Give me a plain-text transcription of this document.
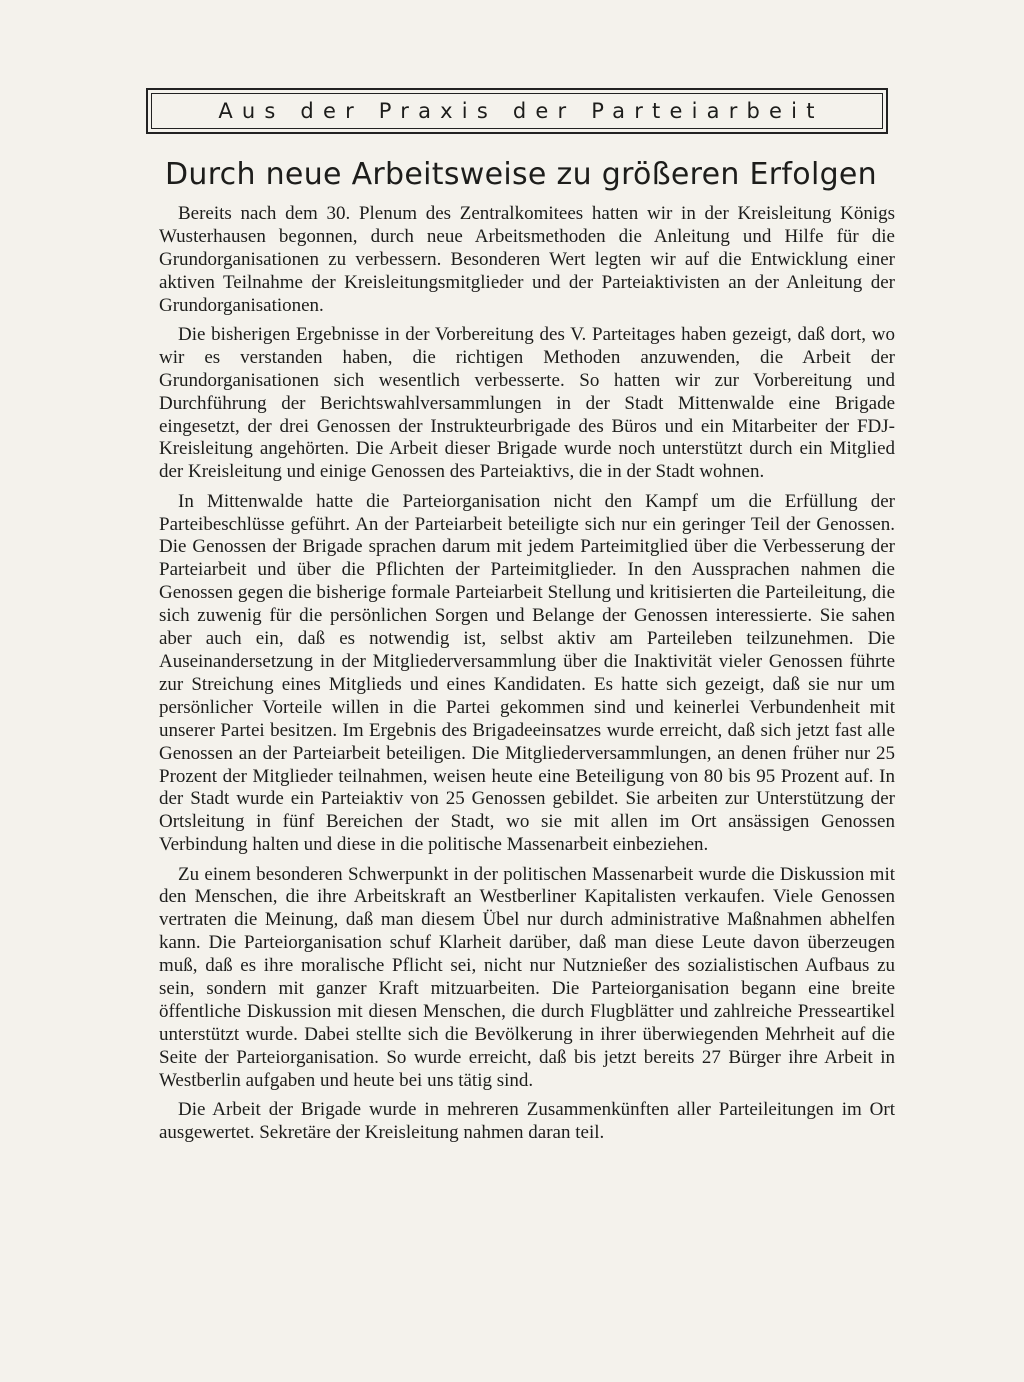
Aus der Praxis der Parteiarbeit
Durch neue Arbeitsweise zu größeren Erfolgen

Bereits nach dem 30. Plenum des Zentralkomitees hatten wir in der Kreisleitung Königs Wusterhausen begonnen, durch neue Arbeitsmethoden die Anleitung und Hilfe für die Grundorganisationen zu verbessern. Besonderen Wert legten wir auf die Entwicklung einer aktiven Teilnahme der Kreisleitungsmitglieder und der Parteiaktivisten an der Anleitung der Grundorganisationen.

Die bisherigen Ergebnisse in der Vorbereitung des V. Parteitages haben gezeigt, daß dort, wo wir es verstanden haben, die richtigen Methoden anzuwenden, die Arbeit der Grundorganisationen sich wesentlich verbesserte. So hatten wir zur Vorbereitung und Durchführung der Berichtswahlversammlungen in der Stadt Mittenwalde eine Brigade eingesetzt, der drei Genossen der Instrukteurbrigade des Büros und ein Mitarbeiter der FDJ-Kreisleitung angehörten. Die Arbeit dieser Brigade wurde noch unterstützt durch ein Mitglied der Kreisleitung und einige Genossen des Parteiaktivs, die in der Stadt wohnen.

In Mittenwalde hatte die Parteiorganisation nicht den Kampf um die Erfüllung der Parteibeschlüsse geführt. An der Parteiarbeit beteiligte sich nur ein geringer Teil der Genossen. Die Genossen der Brigade sprachen darum mit jedem Parteimitglied über die Verbesserung der Parteiarbeit und über die Pflichten der Parteimitglieder. In den Aussprachen nahmen die Genossen gegen die bisherige formale Parteiarbeit Stellung und kritisierten die Parteileitung, die sich zuwenig für die persönlichen Sorgen und Belange der Genossen interessierte. Sie sahen aber auch ein, daß es notwendig ist, selbst aktiv am Parteileben teilzunehmen. Die Auseinandersetzung in der Mitgliederversammlung über die Inaktivität vieler Genossen führte zur Streichung eines Mitglieds und eines Kandidaten. Es hatte sich gezeigt, daß sie nur um persönlicher Vorteile willen in die Partei gekommen sind und keinerlei Verbundenheit mit unserer Partei besitzen. Im Ergebnis des Brigadeeinsatzes wurde erreicht, daß sich jetzt fast alle Genossen an der Parteiarbeit beteiligen. Die Mitgliederversammlungen, an denen früher nur 25 Prozent der Mitglieder teilnahmen, weisen heute eine Beteiligung von 80 bis 95 Prozent auf. In der Stadt wurde ein Parteiaktiv von 25 Genossen gebildet. Sie arbeiten zur Unterstützung der Ortsleitung in fünf Bereichen der Stadt, wo sie mit allen im Ort ansässigen Genossen Verbindung halten und diese in die politische Massenarbeit einbeziehen.

Zu einem besonderen Schwerpunkt in der politischen Massenarbeit wurde die Diskussion mit den Menschen, die ihre Arbeitskraft an Westberliner Kapitalisten verkaufen. Viele Genossen vertraten die Meinung, daß man diesem Übel nur durch administrative Maßnahmen abhelfen kann. Die Parteiorganisation schuf Klarheit darüber, daß man diese Leute davon überzeugen muß, daß es ihre moralische Pflicht sei, nicht nur Nutznießer des sozialistischen Aufbaus zu sein, sondern mit ganzer Kraft mitzuarbeiten. Die Parteiorganisation begann eine breite öffentliche Diskussion mit diesen Menschen, die durch Flugblätter und zahlreiche Presseartikel unterstützt wurde. Dabei stellte sich die Bevölkerung in ihrer überwiegenden Mehrheit auf die Seite der Parteiorganisation. So wurde erreicht, daß bis jetzt bereits 27 Bürger ihre Arbeit in Westberlin aufgaben und heute bei uns tätig sind.

Die Arbeit der Brigade wurde in mehreren Zusammenkünften aller Parteileitungen im Ort ausgewertet. Sekretäre der Kreisleitung nahmen daran teil.
